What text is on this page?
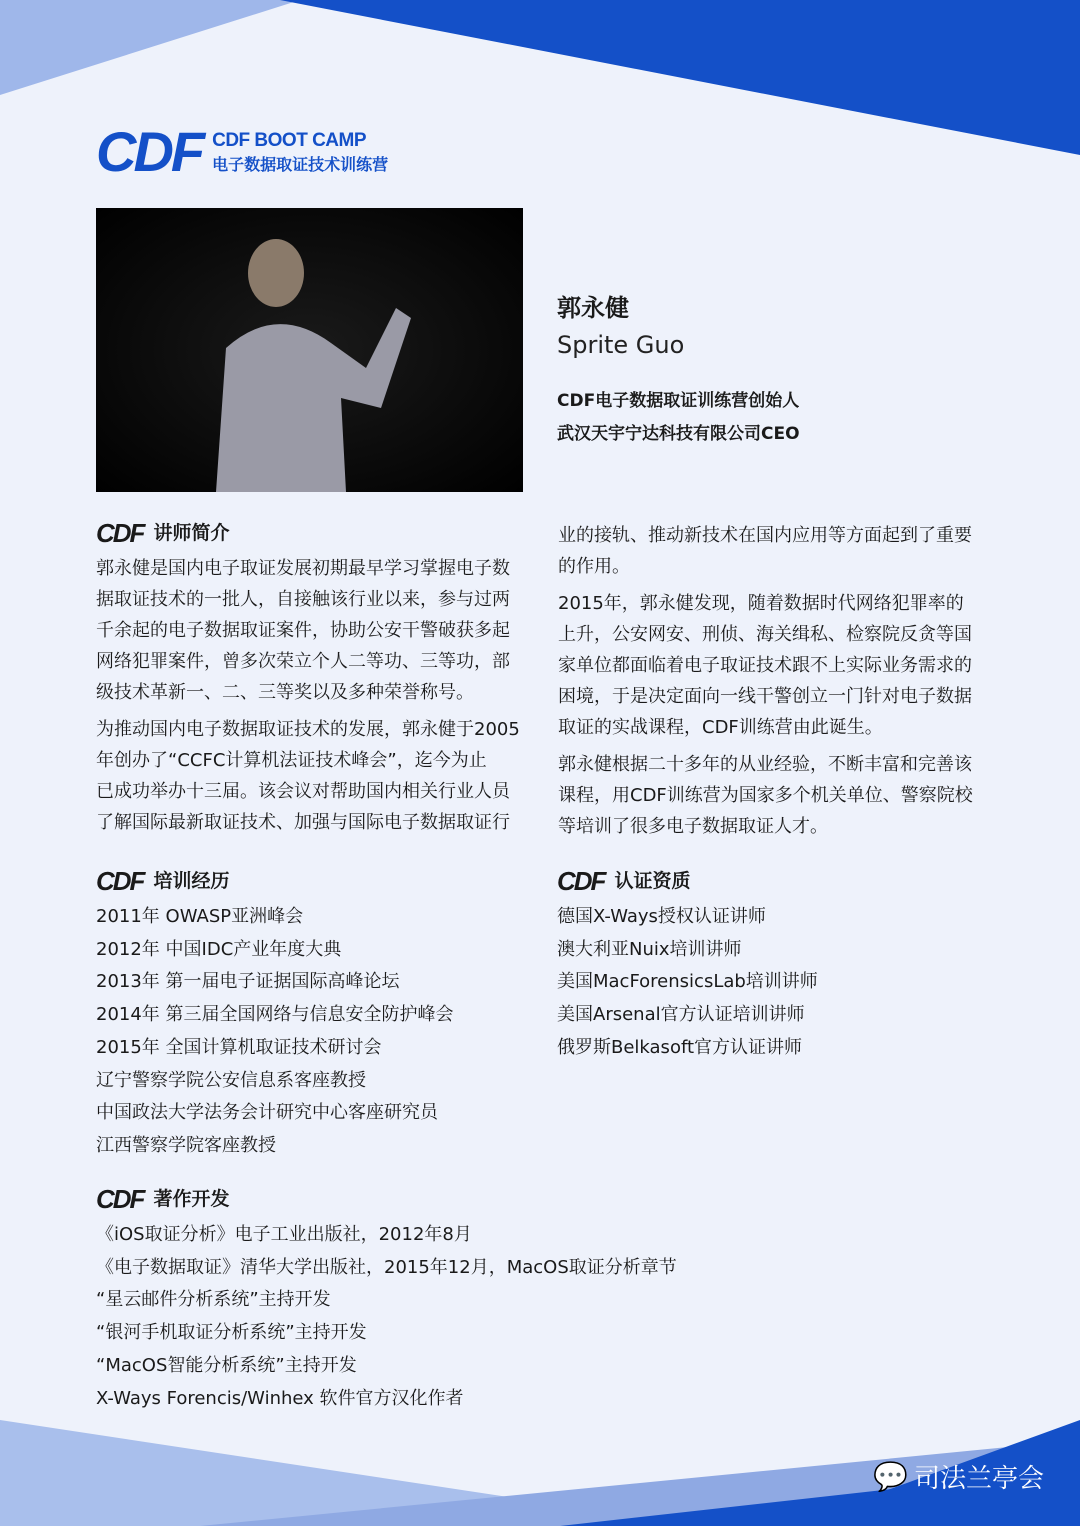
CDF CDF BOOT CAMP
电子数据取证技术训练营
郭永健
Sprite Guo
CDF电子数据取证训练营创始人
武汉天宇宁达科技有限公司CEO
CDF 讲师简介
郭永健是国内电子取证发展初期最早学习掌握电子数
据取证技术的一批人，自接触该行业以来，参与过两
千余起的电子数据取证案件，协助公安干警破获多起
网络犯罪案件，曾多次荣立个人二等功、三等功，部
级技术革新一、二、三等奖以及多种荣誉称号。
为推动国内电子数据取证技术的发展，郭永健于2005
年创办了“CCFC计算机法证技术峰会”，迄今为止
已成功举办十三届。该会议对帮助国内相关行业人员
了解国际最新取证技术、加强与国际电子数据取证行
业的接轨、推动新技术在国内应用等方面起到了重要
的作用。
2015年，郭永健发现，随着数据时代网络犯罪率的
上升，公安网安、刑侦、海关缉私、检察院反贪等国
家单位都面临着电子取证技术跟不上实际业务需求的
困境，于是决定面向一线干警创立一门针对电子数据
取证的实战课程，CDF训练营由此诞生。
郭永健根据二十多年的从业经验，不断丰富和完善该
课程，用CDF训练营为国家多个机关单位、警察院校
等培训了很多电子数据取证人才。
CDF 培训经历
2011年 OWASP亚洲峰会
2012年 中国IDC产业年度大典
2013年 第一届电子证据国际高峰论坛
2014年 第三届全国网络与信息安全防护峰会
2015年 全国计算机取证技术研讨会
辽宁警察学院公安信息系客座教授
中国政法大学法务会计研究中心客座研究员
江西警察学院客座教授
CDF 认证资质
德国X-Ways授权认证讲师
澳大利亚Nuix培训讲师
美国MacForensicsLab培训讲师
美国Arsenal官方认证培训讲师
俄罗斯Belkasoft官方认证讲师
CDF 著作开发
《iOS取证分析》电子工业出版社，2012年8月
《电子数据取证》清华大学出版社，2015年12月，MacOS取证分析章节
“星云邮件分析系统”主持开发
“银河手机取证分析系统”主持开发
“MacOS智能分析系统”主持开发
X-Ways Forencis/Winhex 软件官方汉化作者
💬 司法兰亭会
